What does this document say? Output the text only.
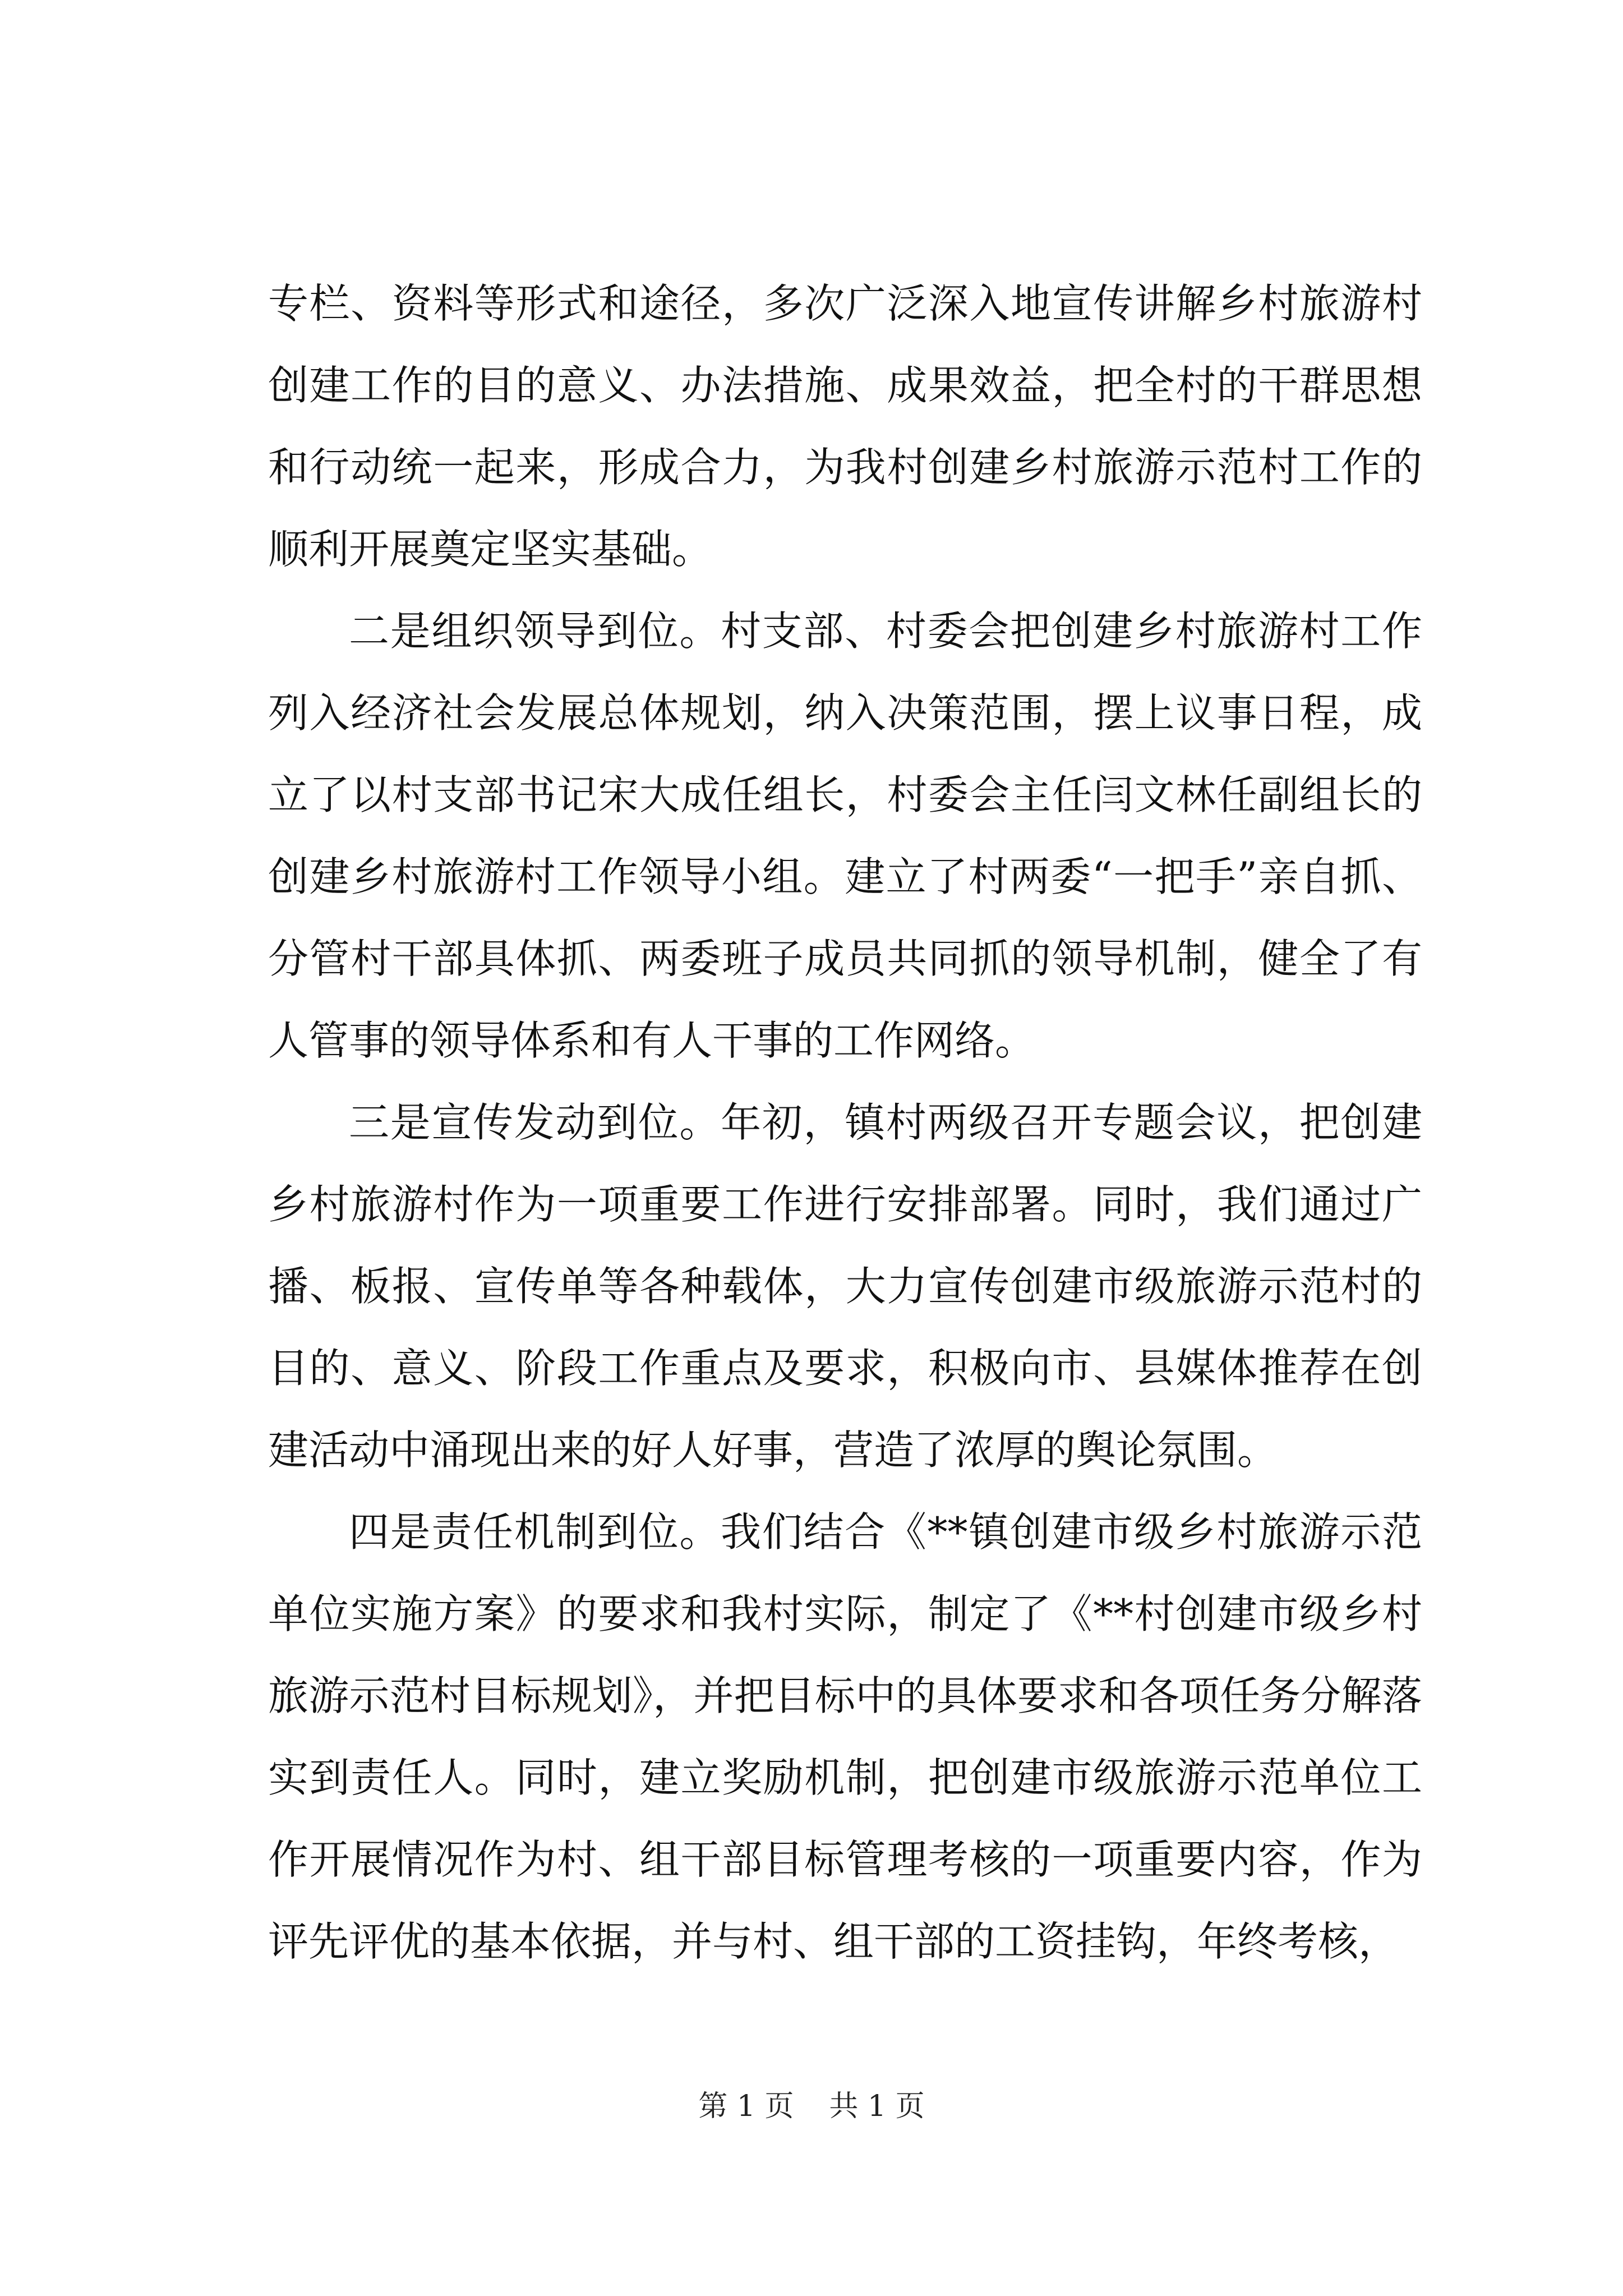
专栏、资料等形式和途径，多次广泛深入地宣传讲解乡村旅游村创建工作的目的意义、办法措施、成果效益，把全村的干群思想和行动统一起来，形成合力，为我村创建乡村旅游示范村工作的顺利开展奠定坚实基础。

二是组织领导到位。村支部、村委会把创建乡村旅游村工作列入经济社会发展总体规划，纳入决策范围，摆上议事日程，成立了以村支部书记宋大成任组长，村委会主任闫文林任副组长的创建乡村旅游村工作领导小组。建立了村两委“一把手”亲自抓、分管村干部具体抓、两委班子成员共同抓的领导机制，健全了有人管事的领导体系和有人干事的工作网络。

三是宣传发动到位。年初，镇村两级召开专题会议，把创建乡村旅游村作为一项重要工作进行安排部署。同时，我们通过广播、板报、宣传单等各种载体，大力宣传创建市级旅游示范村的目的、意义、阶段工作重点及要求，积极向市、县媒体推荐在创建活动中涌现出来的好人好事，营造了浓厚的舆论氛围。

四是责任机制到位。我们结合《**镇创建市级乡村旅游示范单位实施方案》的要求和我村实际，制定了《**村创建市级乡村旅游示范村目标规划》，并把目标中的具体要求和各项任务分解落实到责任人。同时，建立奖励机制，把创建市级旅游示范单位工作开展情况作为村、组干部目标管理考核的一项重要内容，作为评先评优的基本依据，并与村、组干部的工资挂钩，年终考核，

第 1 页 共 1 页
